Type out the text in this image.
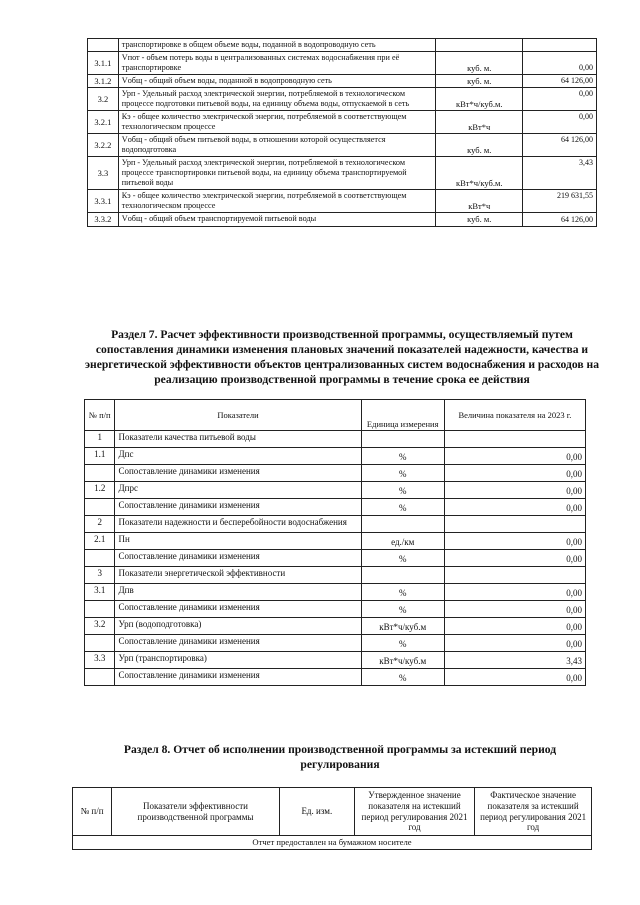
	транспортировке в общем объеме воды, поданной в водопроводную сеть		
3.1.1	Vпот - объем потерь воды в централизованных системах водоснабжения при её транспортировке	куб. м.	0,00
3.1.2	Vобщ - общий объем воды, поданной в водопроводную сеть	куб. м.	64 126,00
3.2	Урп - Удельный расход электрической энергии, потребляемой в технологическом процессе подготовки питьевой воды, на единицу объема воды, отпускаемой в сеть	кВт*ч/куб.м.	0,00
3.2.1	Кэ - общее количество электрической энергии, потребляемой в соответствующем технологическом процессе	кВт*ч	0,00
3.2.2	Vобщ - общий объем питьевой воды, в отношении которой осуществляется водоподготовка	куб. м.	64 126,00
3.3	Урп - Удельный расход электрической энергии, потребляемой в технологическом процессе транспортировки питьевой воды, на единицу объема транспортируемой питьевой воды	кВт*ч/куб.м.	3,43
3.3.1	Кэ - общее количество электрической энергии, потребляемой в соответствующем технологическом процессе	кВт*ч	219 631,55
3.3.2	Vобщ - общий объем транспортируемой питьевой воды	куб. м.	64 126,00
Раздел 7. Расчет эффективности производственной программы, осуществляемый путем сопоставления динамики изменения плановых значений показателей надежности, качества и энергетической эффективности объектов централизованных систем водоснабжения и расходов на реализацию производственной программы в течение срока ее действия
№ п/п	Показатели	Единица измерения	Величина показателя на 2023 г.
1	Показатели качества питьевой воды		
1.1	Дпс	%	0,00
	Сопоставление динамики изменения	%	0,00
1.2	Дпрс	%	0,00
	Сопоставление динамики изменения	%	0,00
2	Показатели надежности и бесперебойности водоснабжения		
2.1	Пн	ед./км	0,00
	Сопоставление динамики изменения	%	0,00
3	Показатели энергетической эффективности		
3.1	Дпв	%	0,00
	Сопоставление динамики изменения	%	0,00
3.2	Урп (водоподготовка)	кВт*ч/куб.м	0,00
	Сопоставление динамики изменения	%	0,00
3.3	Урп (транспортировка)	кВт*ч/куб.м	3,43
	Сопоставление динамики изменения	%	0,00
Раздел 8. Отчет об исполнении производственной программы за истекший период регулирования
№ п/п	Показатели эффективности производственной программы	Ед. изм.	Утвержденное значение показателя на истекший период регулирования 2021 год	Фактическое значение показателя за истекший период регулирования 2021 год
Отчет предоставлен на бумажном носителе
